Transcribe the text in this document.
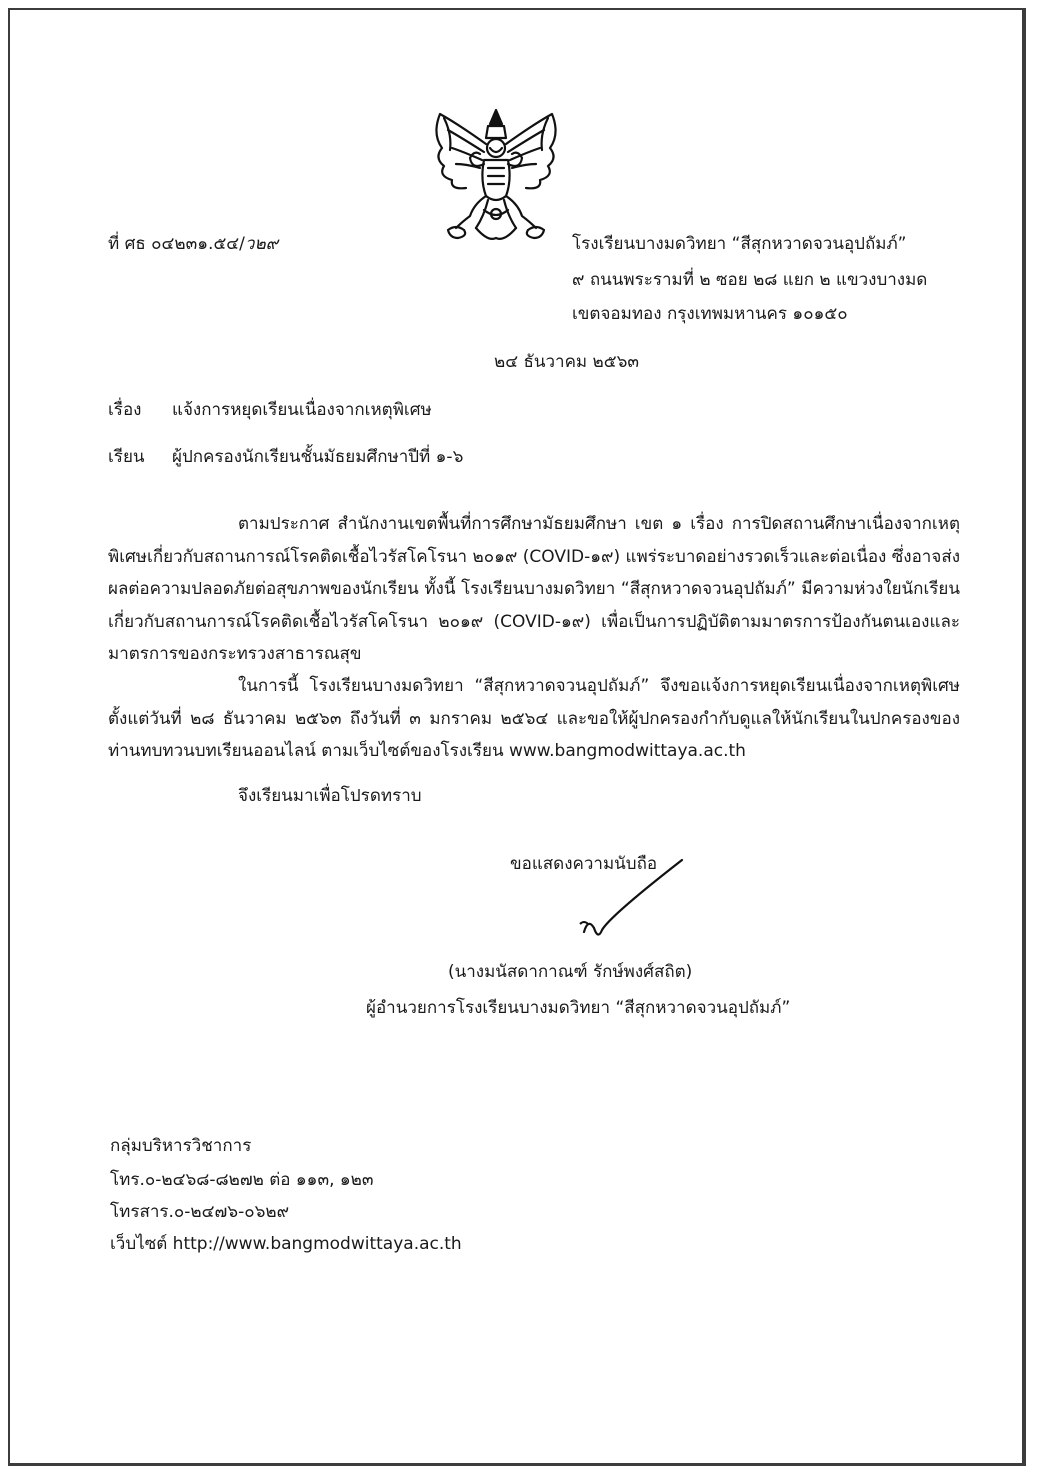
ที่ ศธ ๐๔๒๓๑.๕๔/ว๒๙	โรงเรียนบางมดวิทยา “สีสุกหวาดจวนอุปถัมภ์”
๙ ถนนพระรามที่ ๒ ซอย ๒๘ แยก ๒ แขวงบางมด
เขตจอมทอง กรุงเทพมหานคร ๑๐๑๕๐
๒๔ ธันวาคม ๒๕๖๓
เรื่อง แจ้งการหยุดเรียนเนื่องจากเหตุพิเศษ
เรียน ผู้ปกครองนักเรียนชั้นมัธยมศึกษาปีที่ ๑-๖

ตามประกาศ สำนักงานเขตพื้นที่การศึกษามัธยมศึกษา เขต ๑ เรื่อง การปิดสถานศึกษาเนื่องจากเหตุพิเศษเกี่ยวกับสถานการณ์โรคติดเชื้อไวรัสโคโรนา ๒๐๑๙ (COVID-๑๙) แพร่ระบาดอย่างรวดเร็วและต่อเนื่อง ซึ่งอาจส่งผลต่อความปลอดภัยต่อสุขภาพของนักเรียน ทั้งนี้ โรงเรียนบางมดวิทยา “สีสุกหวาดจวนอุปถัมภ์” มีความห่วงใยนักเรียนเกี่ยวกับสถานการณ์โรคติดเชื้อไวรัสโคโรนา ๒๐๑๙ (COVID-๑๙) เพื่อเป็นการปฏิบัติตามมาตรการป้องกันตนเองและมาตรการของกระทรวงสาธารณสุข

ในการนี้ โรงเรียนบางมดวิทยา “สีสุกหวาดจวนอุปถัมภ์” จึงขอแจ้งการหยุดเรียนเนื่องจากเหตุพิเศษตั้งแต่วันที่ ๒๘ ธันวาคม ๒๕๖๓ ถึงวันที่ ๓ มกราคม ๒๕๖๔ และขอให้ผู้ปกครองกำกับดูแลให้นักเรียนในปกครองของท่านทบทวนบทเรียนออนไลน์ ตามเว็บไซต์ของโรงเรียน www.bangmodwittaya.ac.th

จึงเรียนมาเพื่อโปรดทราบ
ขอแสดงความนับถือ
(นางมนัสดากาณฑ์ รักษ์พงศ์สถิต)
ผู้อำนวยการโรงเรียนบางมดวิทยา “สีสุกหวาดจวนอุปถัมภ์”
กลุ่มบริหารวิชาการ
โทร.๐-๒๔๖๘-๘๒๗๒ ต่อ ๑๑๓, ๑๒๓
โทรสาร.๐-๒๔๗๖-๐๖๒๙
เว็บไซต์ http://www.bangmodwittaya.ac.th
